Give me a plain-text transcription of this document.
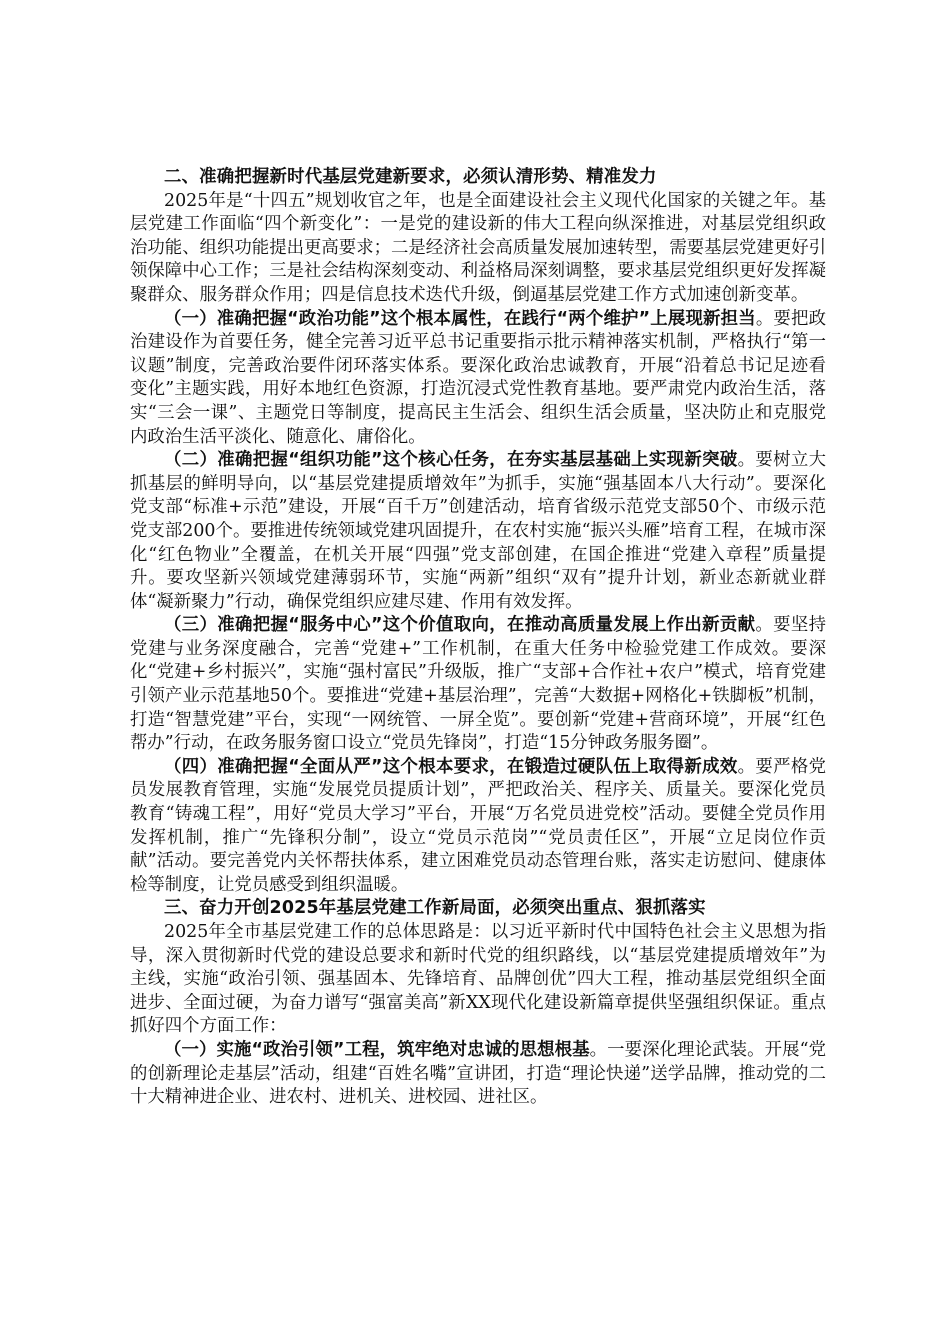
二、准确把握新时代基层党建新要求，必须认清形势、精准发力

2025年是“十四五”规划收官之年，也是全面建设社会主义现代化国家的关键之年。基层党建工作面临“四个新变化”：一是党的建设新的伟大工程向纵深推进，对基层党组织政治功能、组织功能提出更高要求；二是经济社会高质量发展加速转型，需要基层党建更好引领保障中心工作；三是社会结构深刻变动、利益格局深刻调整，要求基层党组织更好发挥凝聚群众、服务群众作用；四是信息技术迭代升级，倒逼基层党建工作方式加速创新变革。

（一）准确把握“政治功能”这个根本属性，在践行“两个维护”上展现新担当。要把政治建设作为首要任务，健全完善习近平总书记重要指示批示精神落实机制，严格执行“第一议题”制度，完善政治要件闭环落实体系。要深化政治忠诚教育，开展“沿着总书记足迹看变化”主题实践，用好本地红色资源，打造沉浸式党性教育基地。要严肃党内政治生活，落实“三会一课”、主题党日等制度，提高民主生活会、组织生活会质量，坚决防止和克服党内政治生活平淡化、随意化、庸俗化。

（二）准确把握“组织功能”这个核心任务，在夯实基层基础上实现新突破。要树立大抓基层的鲜明导向，以“基层党建提质增效年”为抓手，实施“强基固本八大行动”。要深化党支部“标准+示范”建设，开展“百千万”创建活动，培育省级示范党支部50个、市级示范党支部200个。要推进传统领域党建巩固提升，在农村实施“振兴头雁”培育工程，在城市深化“红色物业”全覆盖，在机关开展“四强”党支部创建，在国企推进“党建入章程”质量提升。要攻坚新兴领域党建薄弱环节，实施“两新”组织“双有”提升计划，新业态新就业群体“凝新聚力”行动，确保党组织应建尽建、作用有效发挥。

（三）准确把握“服务中心”这个价值取向，在推动高质量发展上作出新贡献。要坚持党建与业务深度融合，完善“党建+”工作机制，在重大任务中检验党建工作成效。要深化“党建+乡村振兴”，实施“强村富民”升级版，推广“支部+合作社+农户”模式，培育党建引领产业示范基地50个。要推进“党建+基层治理”，完善“大数据+网格化+铁脚板”机制，打造“智慧党建”平台，实现“一网统管、一屏全览”。要创新“党建+营商环境”，开展“红色帮办”行动，在政务服务窗口设立“党员先锋岗”，打造“15分钟政务服务圈”。

（四）准确把握“全面从严”这个根本要求，在锻造过硬队伍上取得新成效。要严格党员发展教育管理，实施“发展党员提质计划”，严把政治关、程序关、质量关。要深化党员教育“铸魂工程”，用好“党员大学习”平台，开展“万名党员进党校”活动。要健全党员作用发挥机制，推广“先锋积分制”，设立“党员示范岗”“党员责任区”，开展“立足岗位作贡献”活动。要完善党内关怀帮扶体系，建立困难党员动态管理台账，落实走访慰问、健康体检等制度，让党员感受到组织温暖。

三、奋力开创2025年基层党建工作新局面，必须突出重点、狠抓落实

2025年全市基层党建工作的总体思路是：以习近平新时代中国特色社会主义思想为指导，深入贯彻新时代党的建设总要求和新时代党的组织路线，以“基层党建提质增效年”为主线，实施“政治引领、强基固本、先锋培育、品牌创优”四大工程，推动基层党组织全面进步、全面过硬，为奋力谱写“强富美高”新XX现代化建设新篇章提供坚强组织保证。重点抓好四个方面工作：

（一）实施“政治引领”工程，筑牢绝对忠诚的思想根基。一要深化理论武装。开展“党的创新理论走基层”活动，组建“百姓名嘴”宣讲团，打造“理论快递”送学品牌，推动党的二十大精神进企业、进农村、进机关、进校园、进社区。
